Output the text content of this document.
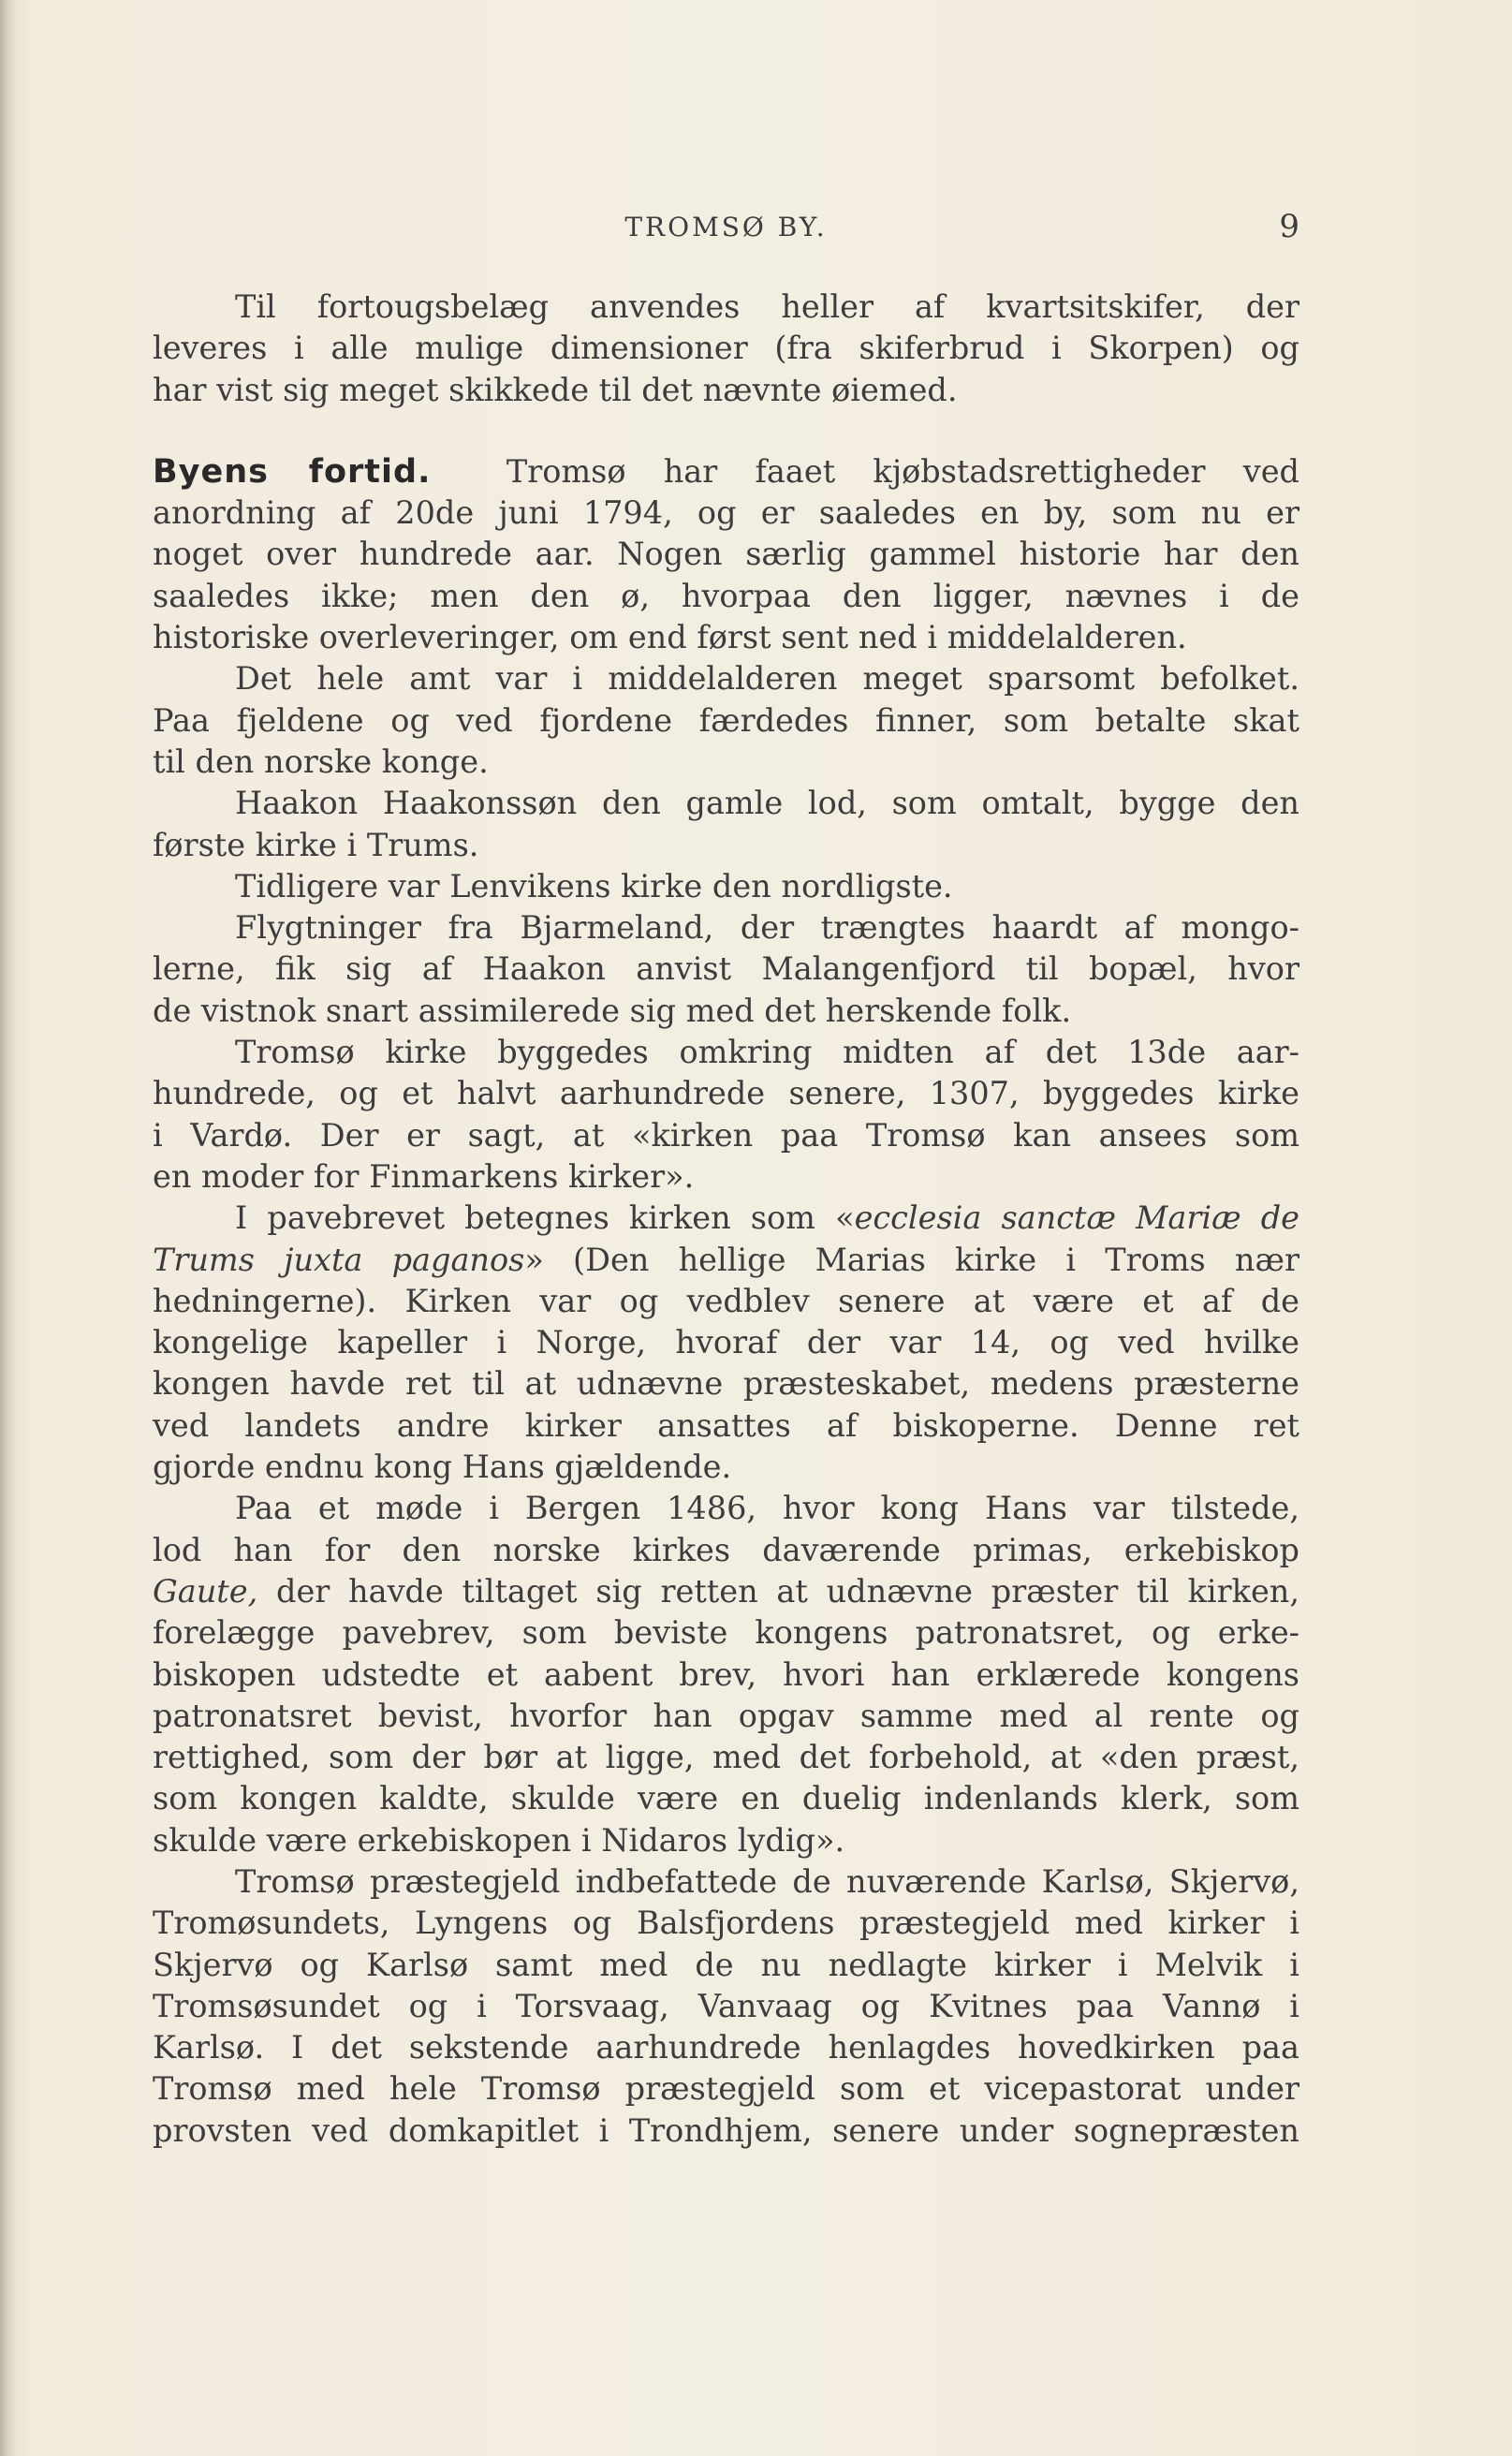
TROMSØ BY.	9
Til fortougsbelæg anvendes heller af kvartsitskifer, der
leveres i alle mulige dimensioner (fra skiferbrud i Skorpen) og
har vist sig meget skikkede til det nævnte øiemed.
Byens fortid. Tromsø har faaet kjøbstadsrettigheder ved
anordning af 20de juni 1794, og er saaledes en by, som nu er
noget over hundrede aar. Nogen særlig gammel historie har den
saaledes ikke; men den ø, hvorpaa den ligger, nævnes i de
historiske overleveringer, om end først sent ned i middelalderen.
Det hele amt var i middelalderen meget sparsomt befolket.
Paa fjeldene og ved fjordene færdedes finner, som betalte skat
til den norske konge.
Haakon Haakonssøn den gamle lod, som omtalt, bygge den
første kirke i Trums.
Tidligere var Lenvikens kirke den nordligste.
Flygtninger fra Bjarmeland, der trængtes haardt af mongo-
lerne, fik sig af Haakon anvist Malangenfjord til bopæl, hvor
de vistnok snart assimilerede sig med det herskende folk.
Tromsø kirke byggedes omkring midten af det 13de aar-
hundrede, og et halvt aarhundrede senere, 1307, byggedes kirke
i Vardø. Der er sagt, at «kirken paa Tromsø kan ansees som
en moder for Finmarkens kirker».
I pavebrevet betegnes kirken som «ecclesia sanctæ Mariæ de
Trums juxta paganos» (Den hellige Marias kirke i Troms nær
hedningerne). Kirken var og vedblev senere at være et af de
kongelige kapeller i Norge, hvoraf der var 14, og ved hvilke
kongen havde ret til at udnævne præsteskabet, medens præsterne
ved landets andre kirker ansattes af biskoperne. Denne ret
gjorde endnu kong Hans gjældende.
Paa et møde i Bergen 1486, hvor kong Hans var tilstede,
lod han for den norske kirkes daværende primas, erkebiskop
Gaute, der havde tiltaget sig retten at udnævne præster til kirken,
forelægge pavebrev, som beviste kongens patronatsret, og erke-
biskopen udstedte et aabent brev, hvori han erklærede kongens
patronatsret bevist, hvorfor han opgav samme med al rente og
rettighed, som der bør at ligge, med det forbehold, at «den præst,
som kongen kaldte, skulde være en duelig indenlands klerk, som
skulde være erkebiskopen i Nidaros lydig».
Tromsø præstegjeld indbefattede de nuværende Karlsø, Skjervø,
Tromøsundets, Lyngens og Balsfjordens præstegjeld med kirker i
Skjervø og Karlsø samt med de nu nedlagte kirker i Melvik i
Tromsøsundet og i Torsvaag, Vanvaag og Kvitnes paa Vannø i
Karlsø. I det sekstende aarhundrede henlagdes hovedkirken paa
Tromsø med hele Tromsø præstegjeld som et vicepastorat under
provsten ved domkapitlet i Trondhjem, senere under sognepræsten
